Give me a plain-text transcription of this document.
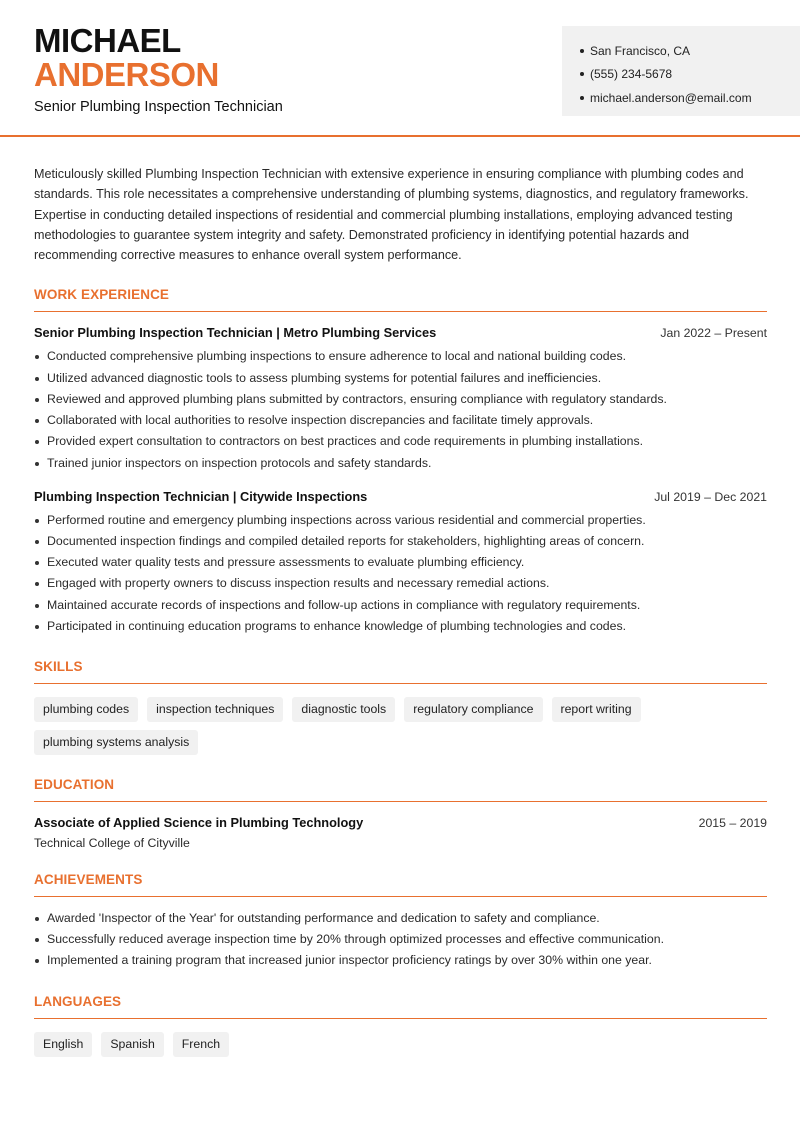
MICHAEL
ANDERSON
Senior Plumbing Inspection Technician
San Francisco, CA
(555) 234-5678
michael.anderson@email.com

Meticulously skilled Plumbing Inspection Technician with extensive experience in ensuring compliance with plumbing codes and standards. This role necessitates a comprehensive understanding of plumbing systems, diagnostics, and regulatory frameworks. Expertise in conducting detailed inspections of residential and commercial plumbing installations, employing advanced testing methodologies to guarantee system integrity and safety. Demonstrated proficiency in identifying potential hazards and recommending corrective measures to enhance overall system performance.

WORK EXPERIENCE
Senior Plumbing Inspection Technician | Metro Plumbing Services	Jan 2022 – Present
Conducted comprehensive plumbing inspections to ensure adherence to local and national building codes.
Utilized advanced diagnostic tools to assess plumbing systems for potential failures and inefficiencies.
Reviewed and approved plumbing plans submitted by contractors, ensuring compliance with regulatory standards.
Collaborated with local authorities to resolve inspection discrepancies and facilitate timely approvals.
Provided expert consultation to contractors on best practices and code requirements in plumbing installations.
Trained junior inspectors on inspection protocols and safety standards.
Plumbing Inspection Technician | Citywide Inspections	Jul 2019 – Dec 2021
Performed routine and emergency plumbing inspections across various residential and commercial properties.
Documented inspection findings and compiled detailed reports for stakeholders, highlighting areas of concern.
Executed water quality tests and pressure assessments to evaluate plumbing efficiency.
Engaged with property owners to discuss inspection results and necessary remedial actions.
Maintained accurate records of inspections and follow-up actions in compliance with regulatory requirements.
Participated in continuing education programs to enhance knowledge of plumbing technologies and codes.
SKILLS
plumbing codes	inspection techniques	diagnostic tools	regulatory compliance	report writing
plumbing systems analysis
EDUCATION
Associate of Applied Science in Plumbing Technology	2015 – 2019
Technical College of Cityville
ACHIEVEMENTS
Awarded 'Inspector of the Year' for outstanding performance and dedication to safety and compliance.
Successfully reduced average inspection time by 20% through optimized processes and effective communication.
Implemented a training program that increased junior inspector proficiency ratings by over 30% within one year.
LANGUAGES
English	Spanish	French
